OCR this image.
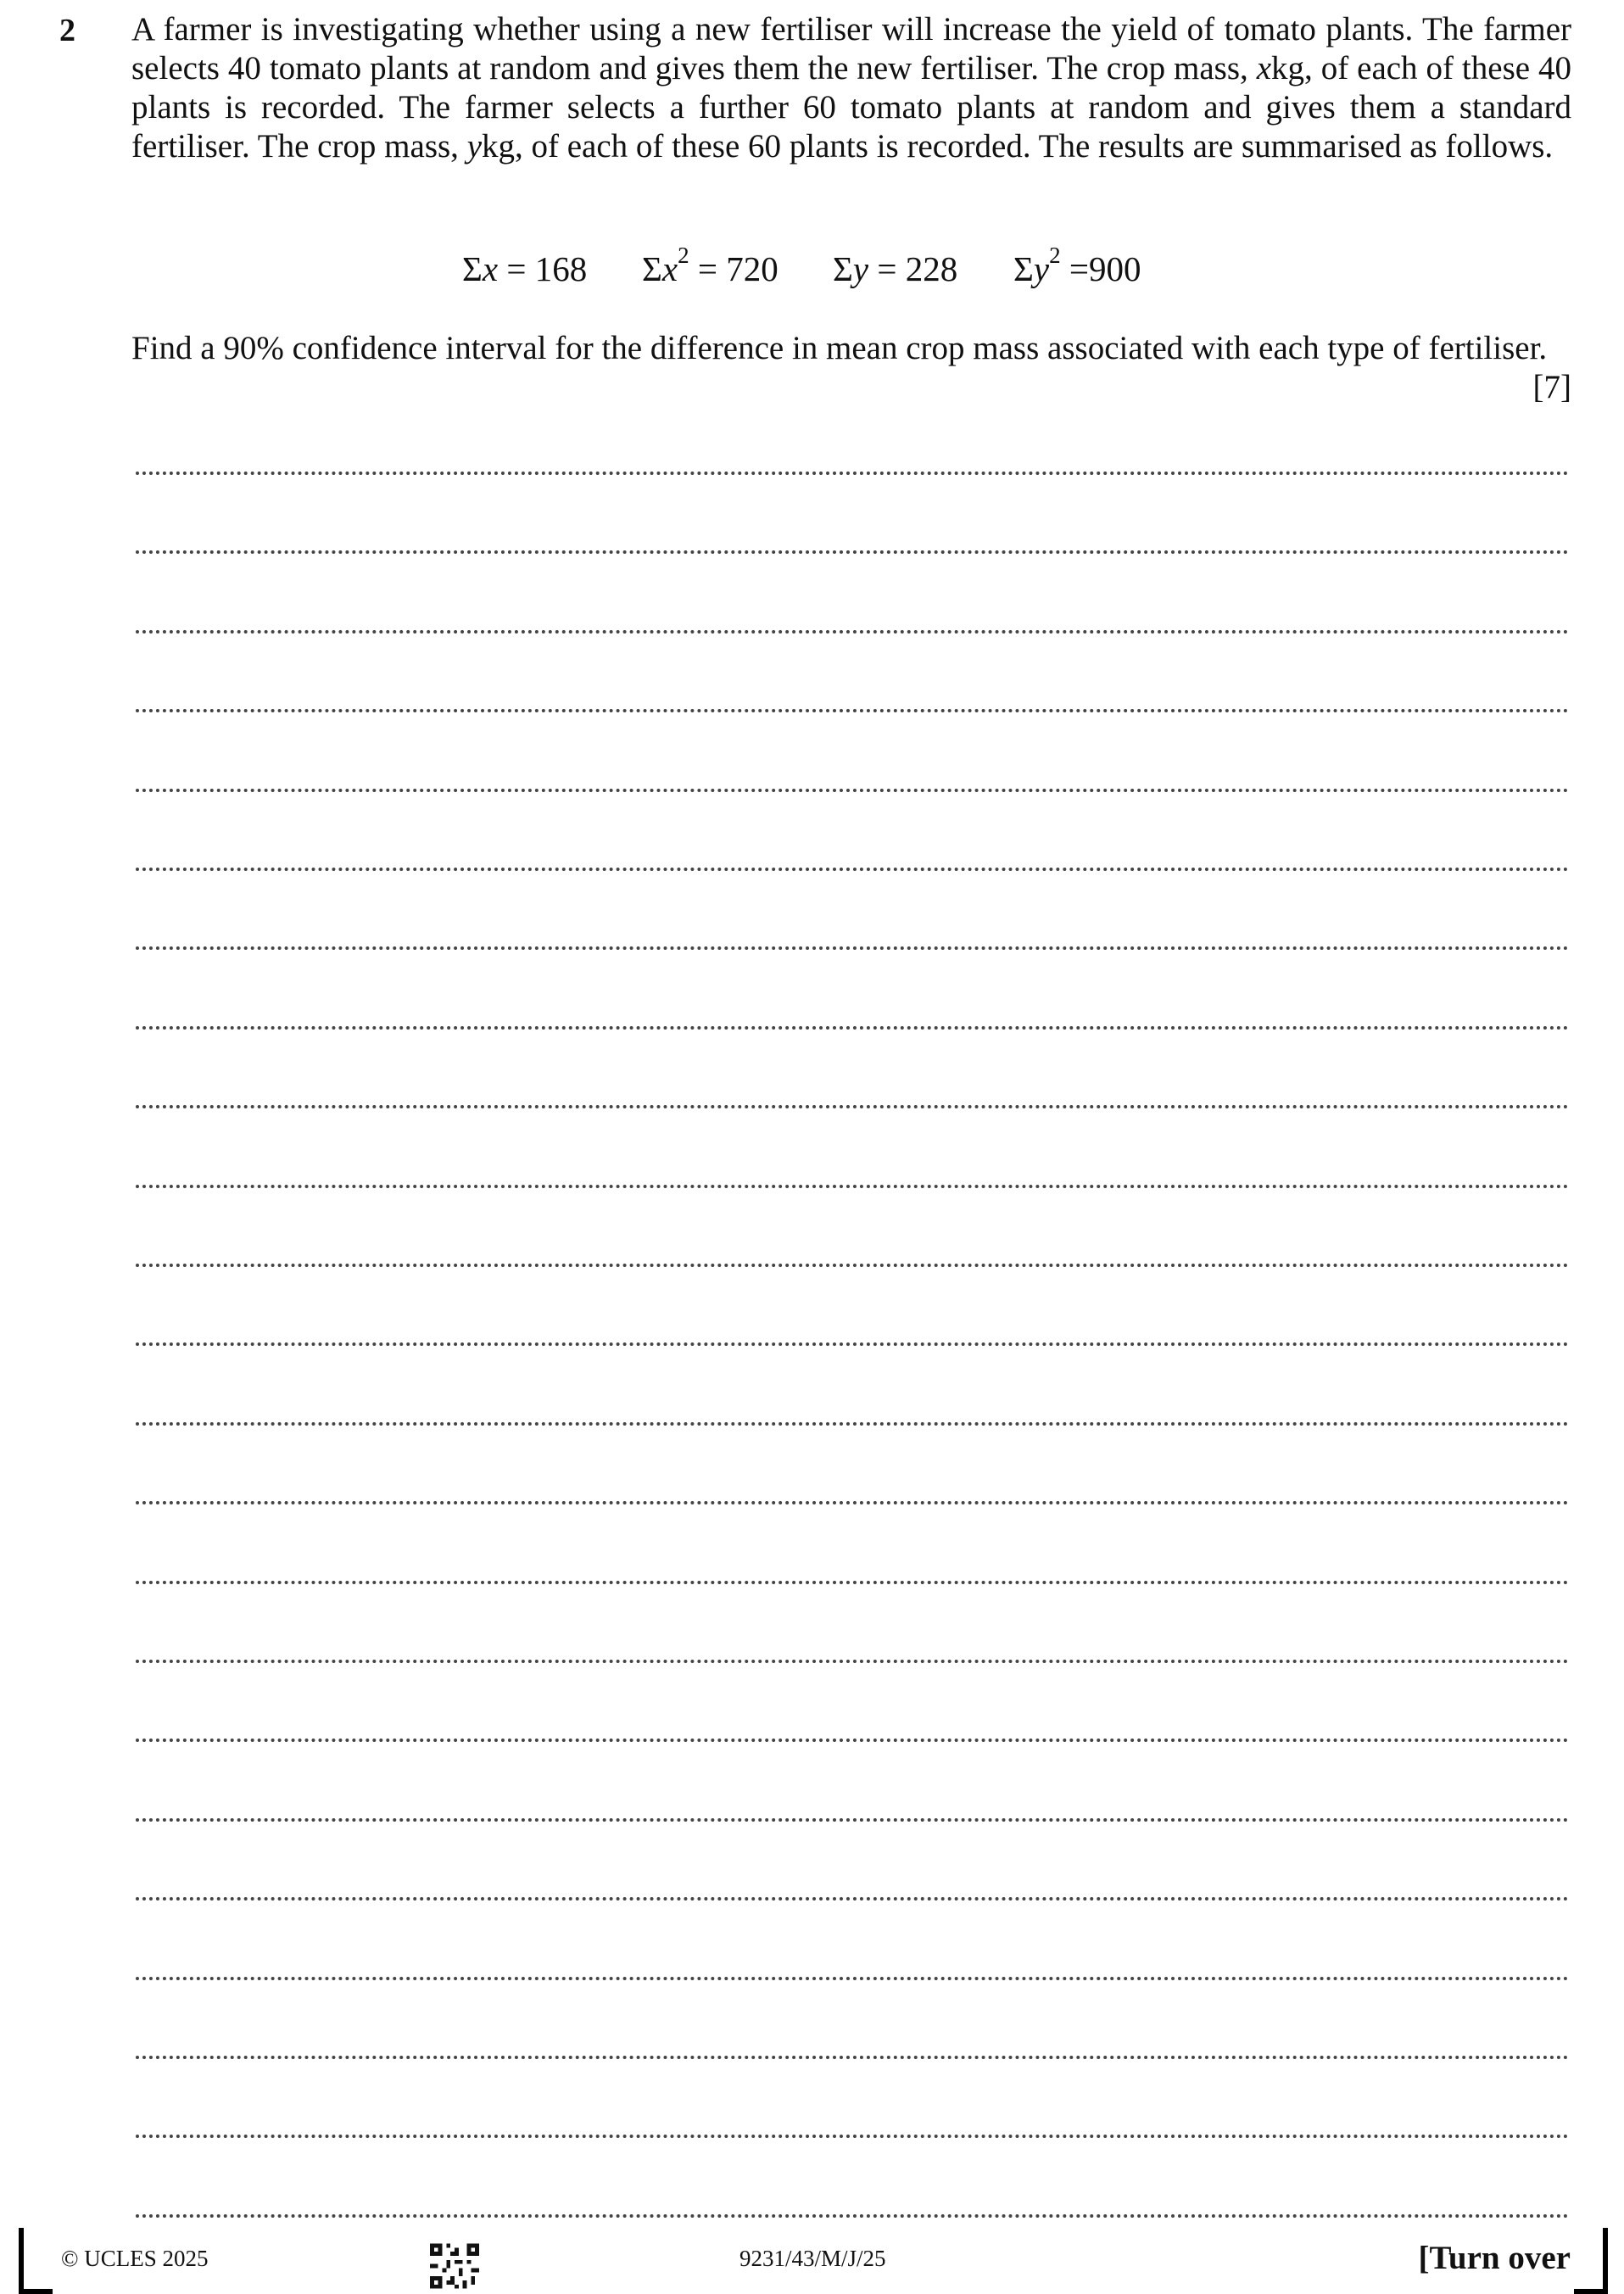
2 A farmer is investigating whether using a new fertiliser will increase the yield of tomato plants. The farmer selects 40 tomato plants at random and gives them the new fertiliser. The crop mass, xkg, of each of these 40 plants is recorded. The farmer selects a further 60 tomato plants at random and gives them a standard fertiliser. The crop mass, ykg, of each of these 60 plants is recorded. The results are summarised as follows.
Σx = 168 $\Sigma x^2 = 720$ Σy = 228 $\Sigma y^2 =900$
Find a 90% confidence interval for the difference in mean crop mass associated with each type of fertiliser.
[7]
© UCLES 2025	9231/43/M/J/25	[Turn over
